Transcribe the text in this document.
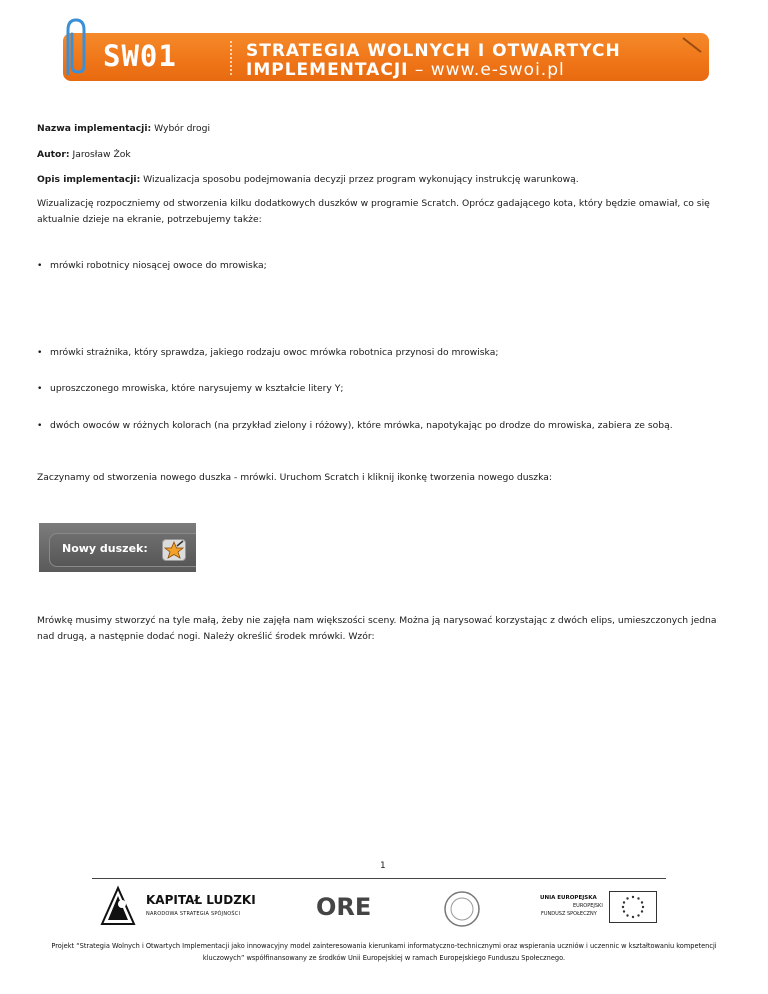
SW01	STRATEGIA WOLNYCH I OTWARTYCH
IMPLEMENTACJI – www.e-swoi.pl
Nazwa implementacji: Wybór drogi
Autor: Jarosław Żok
Opis implementacji: Wizualizacja sposobu podejmowania decyzji przez program wykonujący instrukcję warunkową.
Wizualizację rozpoczniemy od stworzenia kilku dodatkowych duszków w programie Scratch. Oprócz gadającego kota, który będzie omawiał, co się aktualnie dzieje na ekranie, potrzebujemy także:
• mrówki robotnicy niosącej owoce do mrowiska;
• mrówki strażnika, który sprawdza, jakiego rodzaju owoc mrówka robotnica przynosi do mrowiska;
• uproszczonego mrowiska, które narysujemy w kształcie litery Y;
• dwóch owoców w różnych kolorach (na przykład zielony i różowy), które mrówka, napotykając po drodze do mrowiska, zabiera ze sobą.
Zaczynamy od stworzenia nowego duszka - mrówki. Uruchom Scratch i kliknij ikonkę tworzenia nowego duszka:
Nowy duszek:
Mrówkę musimy stworzyć na tyle małą, żeby nie zajęła nam większości sceny. Można ją narysować korzystając z dwóch elips, umieszczonych jedna nad drugą, a następnie dodać nogi. Należy określić środek mrówki. Wzór:
1
KAPITAŁ LUDZKI
NARODOWA STRATEGIA SPÓJNOŚCI	ORE	UNIA EUROPEJSKA
EUROPEJSKI
FUNDUSZ SPOŁECZNY
Projekt “Strategia Wolnych i Otwartych Implementacji jako innowacyjny model zainteresowania kierunkami informatyczno-technicznymi oraz wspierania uczniów i uczennic w kształtowaniu kompetencji kluczowych” współfinansowany ze środków Unii Europejskiej w ramach Europejskiego Funduszu Społecznego.
